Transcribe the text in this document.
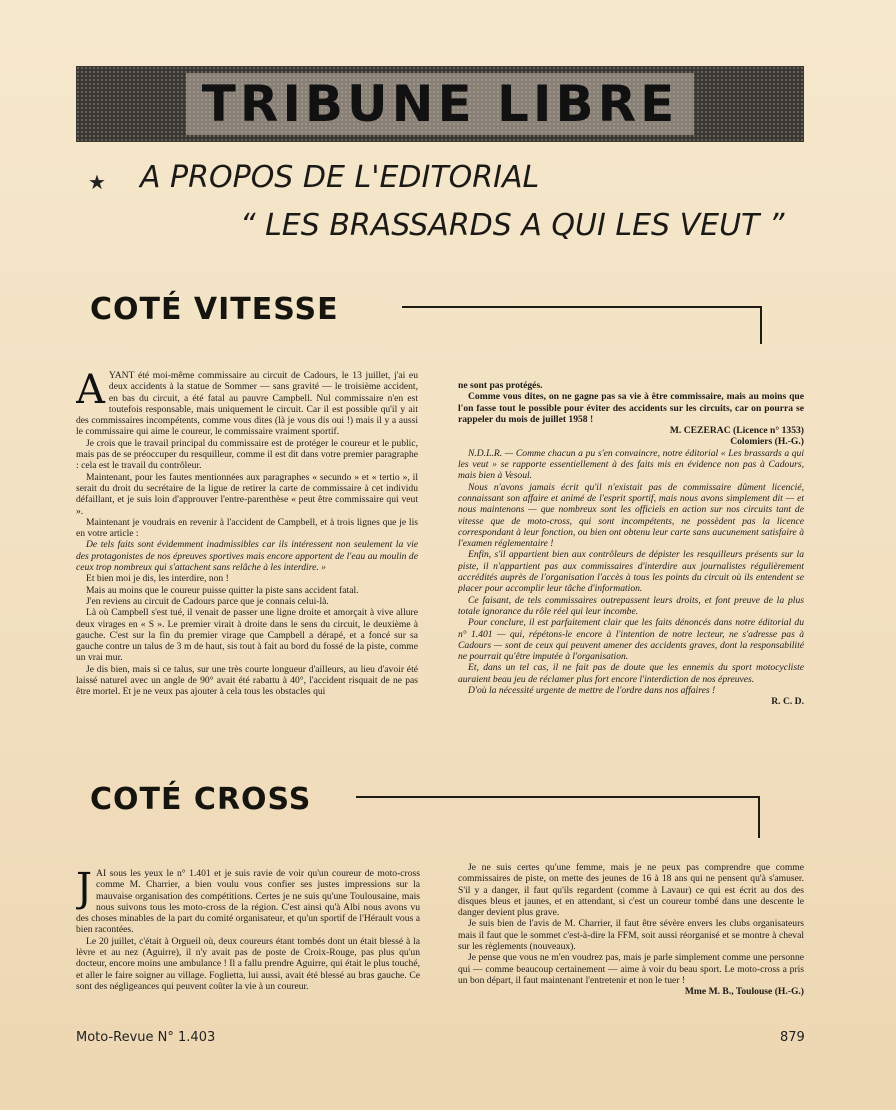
TRIBUNE LIBRE
★ A PROPOS DE L'EDITORIAL
“ LES BRASSARDS A QUI LES VEUT ”
COTÉ VITESSE

AYANT été moi-même commissaire au circuit de Cadours, le 13 juillet, j'ai eu deux accidents à la statue de Sommer — sans gravité — le troisième accident, en bas du circuit, a été fatal au pauvre Campbell. Nul commissaire n'en est toutefois responsable, mais uniquement le circuit. Car il est possible qu'il y ait des commissaires incompétents, comme vous dites (là je vous dis oui !) mais il y a aussi le commissaire qui aime le coureur, le commissaire vraiment sportif.

Je crois que le travail principal du commissaire est de protéger le coureur et le public, mais pas de se préoccuper du resquilleur, comme il est dit dans votre premier paragraphe : cela est le travail du contrôleur.

Maintenant, pour les fautes mentionnées aux paragraphes « secundo » et « tertio », il serait du droit du secrétaire de la ligue de retirer la carte de commissaire à cet individu défaillant, et je suis loin d'approuver l'entre-parenthèse « peut être commissaire qui veut ».

Maintenant je voudrais en revenir à l'accident de Campbell, et à trois lignes que je lis en votre article :

De tels faits sont évidemment inadmissibles car ils intéressent non seulement la vie des protagonistes de nos épreuves sportives mais encore apportent de l'eau au moulin de ceux trop nombreux qui s'attachent sans relâche à les interdire. »

Et bien moi je dis, les interdire, non !

Mais au moins que le coureur puisse quitter la piste sans accident fatal.

J'en reviens au circuit de Cadours parce que je connais celui-là.

Là où Campbell s'est tué, il venait de passer une ligne droite et amorçait à vive allure deux virages en « S ». Le premier virait à droite dans le sens du circuit, le deuxième à gauche. C'est sur la fin du premier virage que Campbell a dérapé, et a foncé sur sa gauche contre un talus de 3 m de haut, sis tout à fait au bord du fossé de la piste, comme un vrai mur.

Je dis bien, mais si ce talus, sur une très courte longueur d'ailleurs, au lieu d'avoir été laissé naturel avec un angle de 90° avait été rabattu à 40°, l'accident risquait de ne pas être mortel. Et je ne veux pas ajouter à cela tous les obstacles qui

ne sont pas protégés.

Comme vous dites, on ne gagne pas sa vie à être commissaire, mais au moins que l'on fasse tout le possible pour éviter des accidents sur les circuits, car on pourra se rappeler du mois de juillet 1958 !

M. CEZERAC (Licence n° 1353)

Colomiers (H.-G.)

N.D.L.R. — Comme chacun a pu s'en convaincre, notre éditorial « Les brassards a qui les veut » se rapporte essentiellement à des faits mis en évidence non pas à Cadours, mais bien à Vesoul.

Nous n'avons jamais écrit qu'il n'existait pas de commissaire dûment licencié, connaissant son affaire et animé de l'esprit sportif, mais nous avons simplement dit — et nous maintenons — que nombreux sont les officiels en action sur nos circuits tant de vitesse que de moto-cross, qui sont incompétents, ne possèdent pas la licence correspondant à leur fonction, ou bien ont obtenu leur carte sans aucunement satisfaire à l'examen réglementaire !

Enfin, s'il appartient bien aux contrôleurs de dépister les resquilleurs présents sur la piste, il n'appartient pas aux commissaires d'interdire aux journalistes régulièrement accrédités auprès de l'organisation l'accès à tous les points du circuit où ils entendent se placer pour accomplir leur tâche d'information.

Ce faisant, de tels commissaires outrepassent leurs droits, et font preuve de la plus totale ignorance du rôle réel qui leur incombe.

Pour conclure, il est parfaitement clair que les faits dénoncés dans notre éditorial du n° 1.401 — qui, répétons-le encore à l'intention de notre lecteur, ne s'adresse pas à Cadours — sont de ceux qui peuvent amener des accidents graves, dont la responsabilité ne pourrait qu'être imputée à l'organisation.

Et, dans un tel cas, il ne fait pas de doute que les ennemis du sport motocycliste auraient beau jeu de réclamer plus fort encore l'interdiction de nos épreuves.

D'où la nécessité urgente de mettre de l'ordre dans nos affaires !

R. C. D.

COTÉ CROSS

JAI sous les yeux le n° 1.401 et je suis ravie de voir qu'un coureur de moto-cross comme M. Charrier, a bien voulu vous confier ses justes impressions sur la mauvaise organisation des compétitions. Certes je ne suis qu'une Toulousaine, mais nous suivons tous les moto-cross de la région. C'est ainsi qu'à Albi nous avons vu des choses minables de la part du comité organisateur, et qu'un sportif de l'Hérault vous a bien racontées.

Le 20 juillet, c'était à Orgueil où, deux coureurs étant tombés dont un était blessé à la lèvre et au nez (Aguirre), il n'y avait pas de poste de Croix-Rouge, pas plus qu'un docteur, encore moins une ambulance ! Il a fallu prendre Aguirre, qui était le plus touché, et aller le faire soigner au village. Foglietta, lui aussi, avait été blessé au bras gauche. Ce sont des négligeances qui peuvent coûter la vie à un coureur.

Je ne suis certes qu'une femme, mais je ne peux pas comprendre que comme commissaires de piste, on mette des jeunes de 16 à 18 ans qui ne pensent qu'à s'amuser. S'il y a danger, il faut qu'ils regardent (comme à Lavaur) ce qui est écrit au dos des disques bleus et jaunes, et en attendant, si c'est un coureur tombé dans une descente le danger devient plus grave.

Je suis bien de l'avis de M. Charrier, il faut être sévère envers les clubs organisateurs mais il faut que le sommet c'est-à-dire la FFM, soit aussi réorganisé et se montre à cheval sur les règlements (nouveaux).

Je pense que vous ne m'en voudrez pas, mais je parle simplement comme une personne qui — comme beaucoup certainement — aime à voir du beau sport. Le moto-cross a pris un bon départ, il faut maintenant l'entretenir et non le tuer !

Mme M. B., Toulouse (H.-G.)

Moto-Revue N° 1.403	879
